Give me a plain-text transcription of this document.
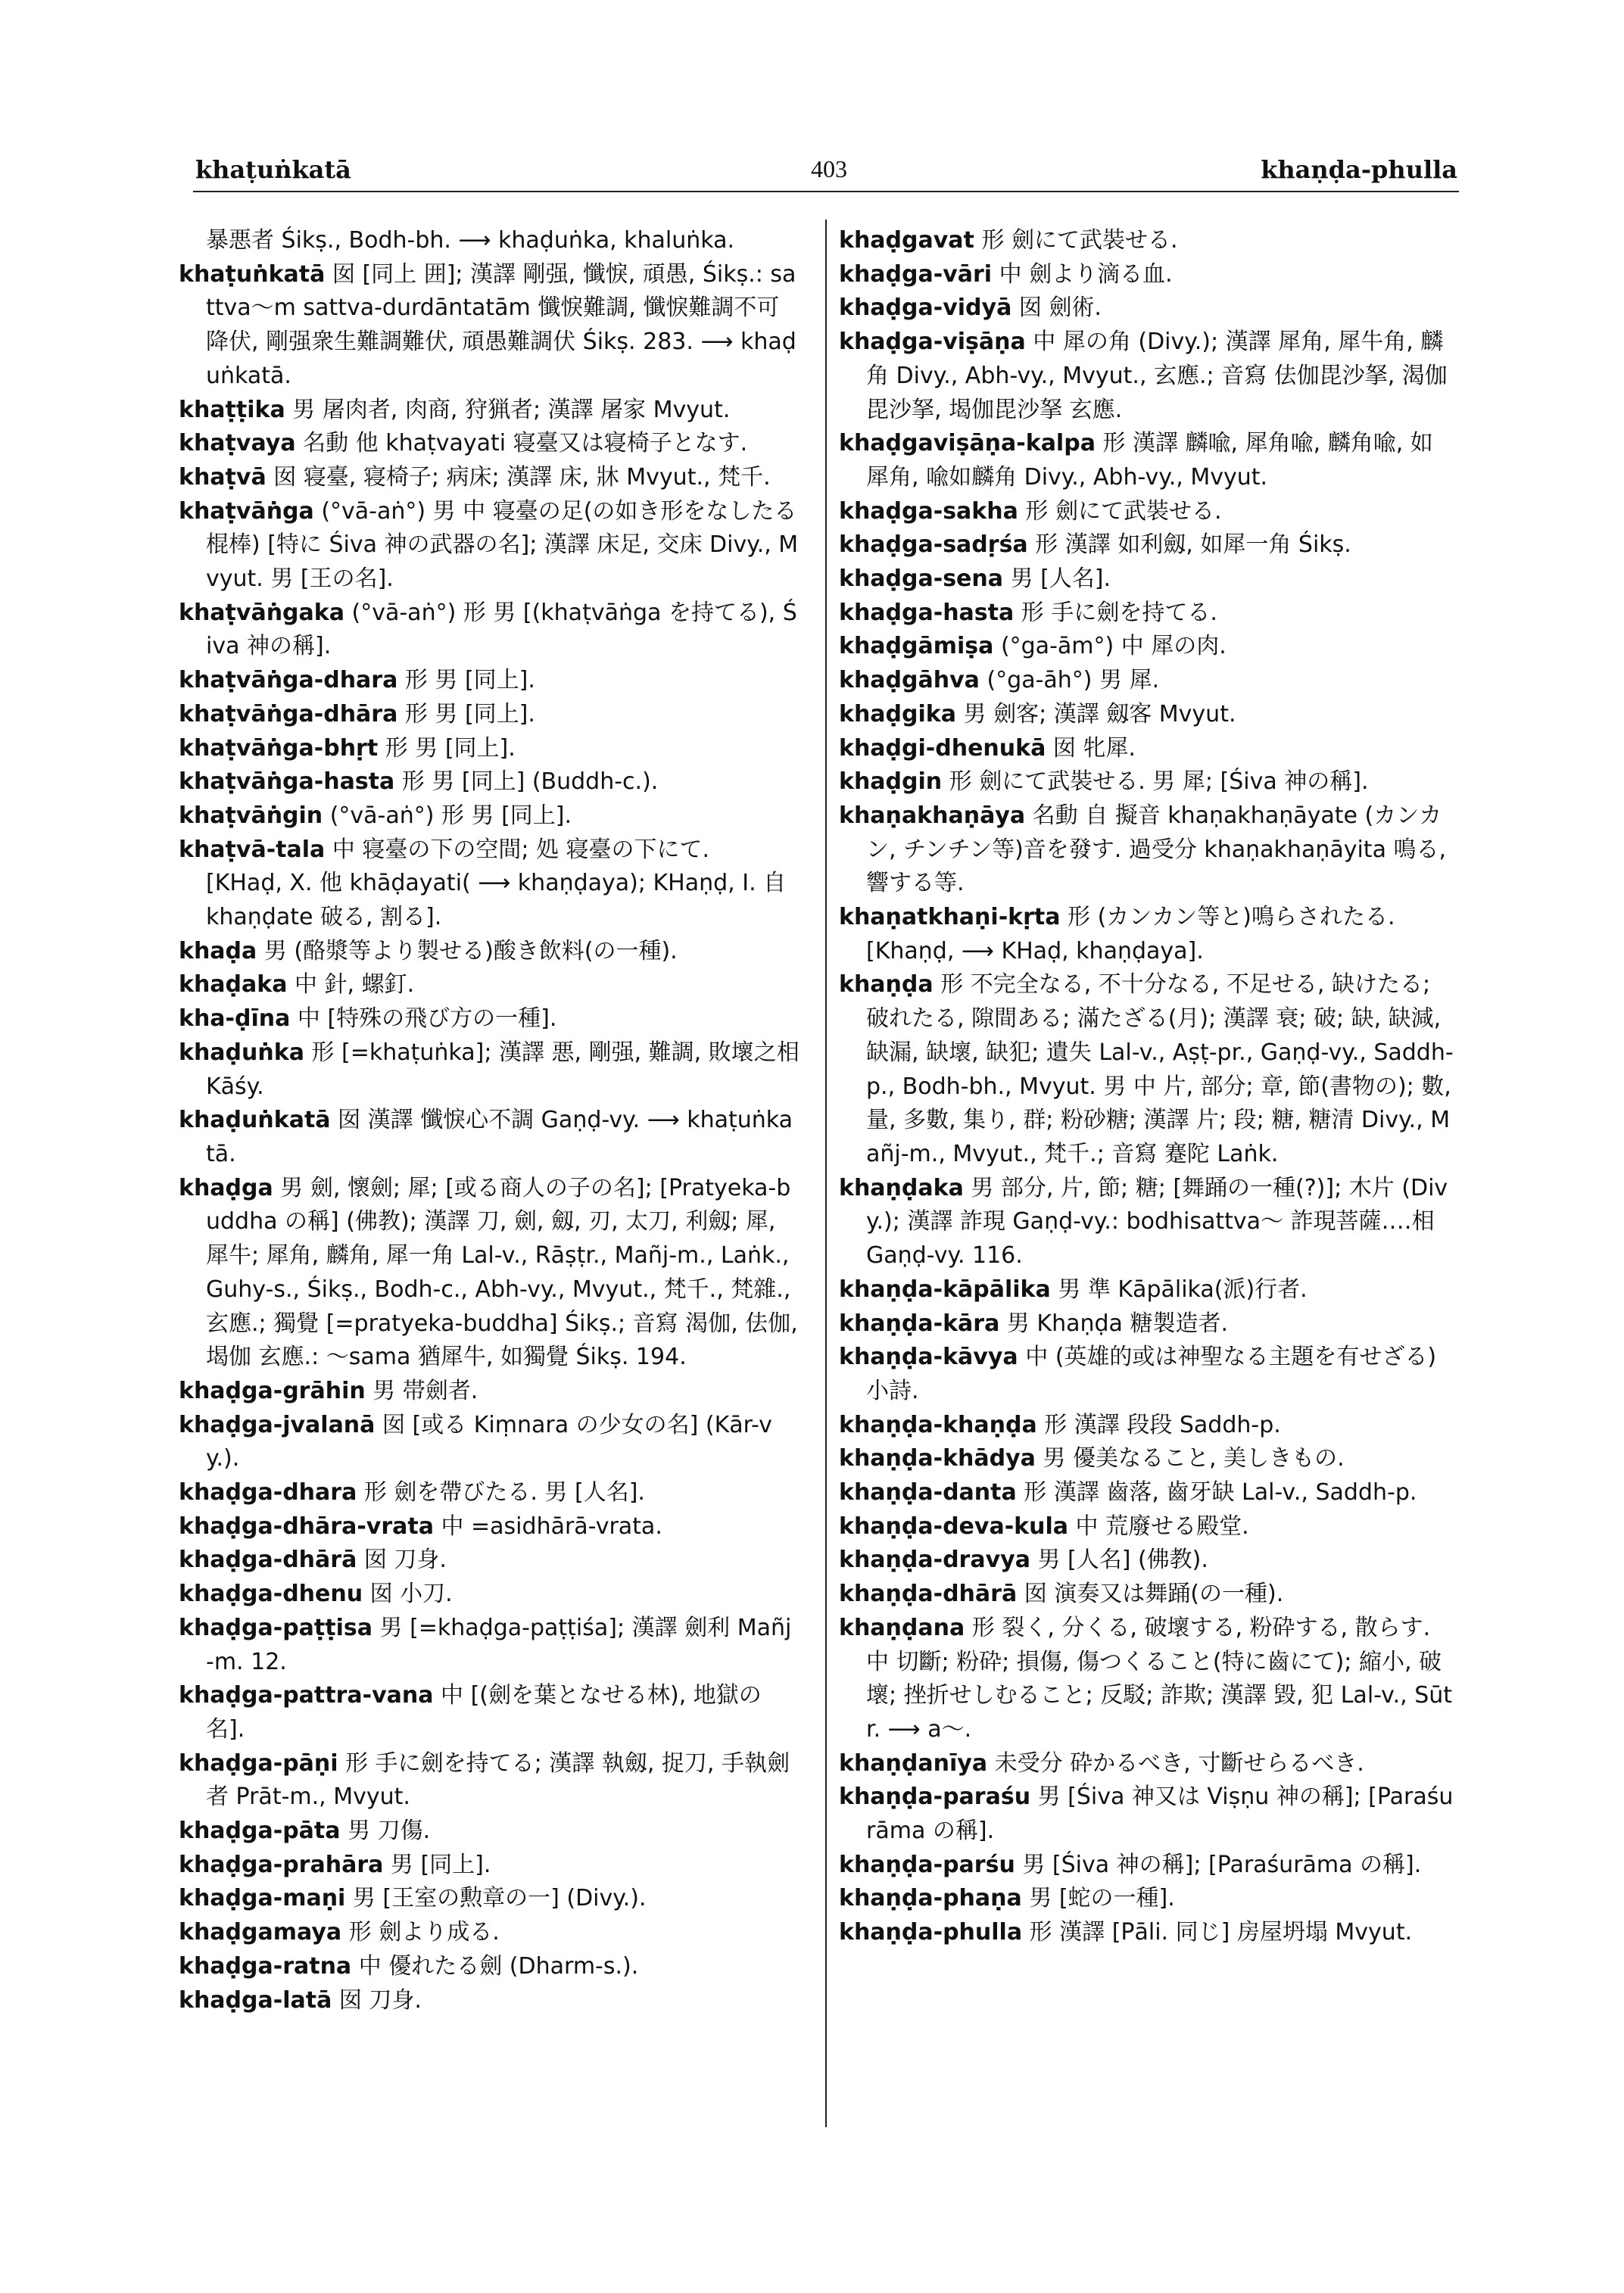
khaṭuṅkatā	403	khaṇḍa-phulla
暴悪者 Śikṣ., Bodh-bh. ⟶ khaḍuṅka, khaluṅka.
khaṭuṅkatā 囡 [同上 囲]; 漢譯 剛强, 懺悷, 頑愚, Śikṣ.: sattva〜m sattva-durdāntatām 懺悷難調, 懺悷難調不可降伏, 剛强衆生難調難伏, 頑愚難調伏 Śikṣ. 283. ⟶ khaḍuṅkatā.
khaṭṭika 男 屠肉者, 肉商, 狩猟者; 漢譯 屠家 Mvyut.
khaṭvaya 名動 他 khaṭvayati 寝臺又は寝椅子となす.
khaṭvā 囡 寝臺, 寝椅子; 病床; 漢譯 床, 牀 Mvyut., 梵千.
khaṭvāṅga (°vā-aṅ°) 男 中 寝臺の足(の如き形をなしたる棍棒) [特に Śiva 神の武器の名]; 漢譯 床足, 交床 Divy., Mvyut. 男 [王の名].
khaṭvāṅgaka (°vā-aṅ°) 形 男 [(khaṭvāṅga を持てる), Śiva 神の稱].
khaṭvāṅga-dhara 形 男 [同上].
khaṭvāṅga-dhāra 形 男 [同上].
khaṭvāṅga-bhṛt 形 男 [同上].
khaṭvāṅga-hasta 形 男 [同上] (Buddh-c.).
khaṭvāṅgin (°vā-aṅ°) 形 男 [同上].
khaṭvā-tala 中 寝臺の下の空間; 処 寝臺の下にて.
[KHaḍ, X. 他 khāḍayati( ⟶ khaṇḍaya); KHaṇḍ, I. 自 khaṇḍate 破る, 割る].
khaḍa 男 (酪漿等より製せる)酸き飲料(の一種).
khaḍaka 中 針, 螺釘.
kha-ḍīna 中 [特殊の飛び方の一種].
khaḍuṅka 形 [=khaṭuṅka]; 漢譯 悪, 剛强, 難調, 敗壞之相 Kāśy.
khaḍuṅkatā 囡 漢譯 懺悷心不調 Gaṇḍ-vy. ⟶ khaṭuṅkatā.
khaḍga 男 劍, 懷劍; 犀; [或る商人の子の名]; [Pratyeka-buddha の稱] (佛教); 漢譯 刀, 劍, 劔, 刃, 太刀, 利劔; 犀, 犀牛; 犀角, 麟角, 犀一角 Lal-v., Rāṣṭr., Mañj-m., Laṅk., Guhy-s., Śikṣ., Bodh-c., Abh-vy., Mvyut., 梵千., 梵雜., 玄應.; 獨覺 [=pratyeka-buddha] Śikṣ.; 音寫 渴伽, 佉伽, 堨伽 玄應.: 〜sama 猶犀牛, 如獨覺 Śikṣ. 194.
khaḍga-grāhin 男 帯劍者.
khaḍga-jvalanā 囡 [或る Kiṃnara の少女の名] (Kār-vy.).
khaḍga-dhara 形 劍を帶びたる. 男 [人名].
khaḍga-dhāra-vrata 中 =asidhārā-vrata.
khaḍga-dhārā 囡 刀身.
khaḍga-dhenu 囡 小刀.
khaḍga-paṭṭisa 男 [=khaḍga-paṭṭiśa]; 漢譯 劍利 Mañj-m. 12.
khaḍga-pattra-vana 中 [(劍を葉となせる林), 地獄の名].
khaḍga-pāṇi 形 手に劍を持てる; 漢譯 執劔, 捉刀, 手執劍者 Prāt-m., Mvyut.
khaḍga-pāta 男 刀傷.
khaḍga-prahāra 男 [同上].
khaḍga-maṇi 男 [王室の勲章の一] (Divy.).
khaḍgamaya 形 劍より成る.
khaḍga-ratna 中 優れたる劍 (Dharm-s.).
khaḍga-latā 囡 刀身.
khaḍgavat 形 劍にて武裝せる.
khaḍga-vāri 中 劍より滴る血.
khaḍga-vidyā 囡 劍術.
khaḍga-viṣāṇa 中 犀の角 (Divy.); 漢譯 犀角, 犀牛角, 麟角 Divy., Abh-vy., Mvyut., 玄應.; 音寫 佉伽毘沙拏, 渴伽毘沙拏, 堨伽毘沙拏 玄應.
khaḍgaviṣāṇa-kalpa 形 漢譯 麟喩, 犀角喩, 麟角喩, 如犀角, 喩如麟角 Divy., Abh-vy., Mvyut.
khaḍga-sakha 形 劍にて武裝せる.
khaḍga-sadṛśa 形 漢譯 如利劔, 如犀一角 Śikṣ.
khaḍga-sena 男 [人名].
khaḍga-hasta 形 手に劍を持てる.
khaḍgāmiṣa (°ga-ām°) 中 犀の肉.
khaḍgāhva (°ga-āh°) 男 犀.
khaḍgika 男 劍客; 漢譯 劔客 Mvyut.
khaḍgi-dhenukā 囡 牝犀.
khaḍgin 形 劍にて武裝せる. 男 犀; [Śiva 神の稱].
khaṇakhaṇāya 名動 自 擬音 khaṇakhaṇāyate (カンカン, チンチン等)音を發す. 過受分 khaṇakhaṇāyita 鳴る, 響する等.
khaṇatkhaṇi-kṛta 形 (カンカン等と)鳴らされたる.
[Khaṇḍ, ⟶ KHaḍ, khaṇḍaya].
khaṇḍa 形 不完全なる, 不十分なる, 不足せる, 缺けたる; 破れたる, 隙間ある; 滿たざる(月); 漢譯 衰; 破; 缺, 缺減, 缺漏, 缺壞, 缺犯; 遺失 Lal-v., Aṣṭ-pr., Gaṇḍ-vy., Saddh-p., Bodh-bh., Mvyut. 男 中 片, 部分; 章, 節(書物の); 數, 量, 多數, 集り, 群; 粉砂糖; 漢譯 片; 段; 糖, 糖清 Divy., Mañj-m., Mvyut., 梵千.; 音寫 蹇陀 Laṅk.
khaṇḍaka 男 部分, 片, 節; 糖; [舞踊の一種(?)]; 木片 (Divy.); 漢譯 詐現 Gaṇḍ-vy.: bodhisattva〜 詐現菩薩‥‥相 Gaṇḍ-vy. 116.
khaṇḍa-kāpālika 男 準 Kāpālika(派)行者.
khaṇḍa-kāra 男 Khaṇḍa 糖製造者.
khaṇḍa-kāvya 中 (英雄的或は神聖なる主題を有せざる)小詩.
khaṇḍa-khaṇḍa 形 漢譯 段段 Saddh-p.
khaṇḍa-khādya 男 優美なること, 美しきもの.
khaṇḍa-danta 形 漢譯 齒落, 齒牙缺 Lal-v., Saddh-p.
khaṇḍa-deva-kula 中 荒廢せる殿堂.
khaṇḍa-dravya 男 [人名] (佛教).
khaṇḍa-dhārā 囡 演奏又は舞踊(の一種).
khaṇḍana 形 裂く, 分くる, 破壞する, 粉砕する, 散らす. 中 切斷; 粉砕; 損傷, 傷つくること(特に齒にて); 縮小, 破壞; 挫折せしむること; 反駁; 詐欺; 漢譯 毀, 犯 Lal-v., Sūtr. ⟶ a〜.
khaṇḍanīya 未受分 砕かるべき, 寸斷せらるべき.
khaṇḍa-paraśu 男 [Śiva 神又は Viṣṇu 神の稱]; [Paraśurāma の稱].
khaṇḍa-parśu 男 [Śiva 神の稱]; [Paraśurāma の稱].
khaṇḍa-phaṇa 男 [蛇の一種].
khaṇḍa-phulla 形 漢譯 [Pāli. 同じ] 房屋坍塌 Mvyut.
